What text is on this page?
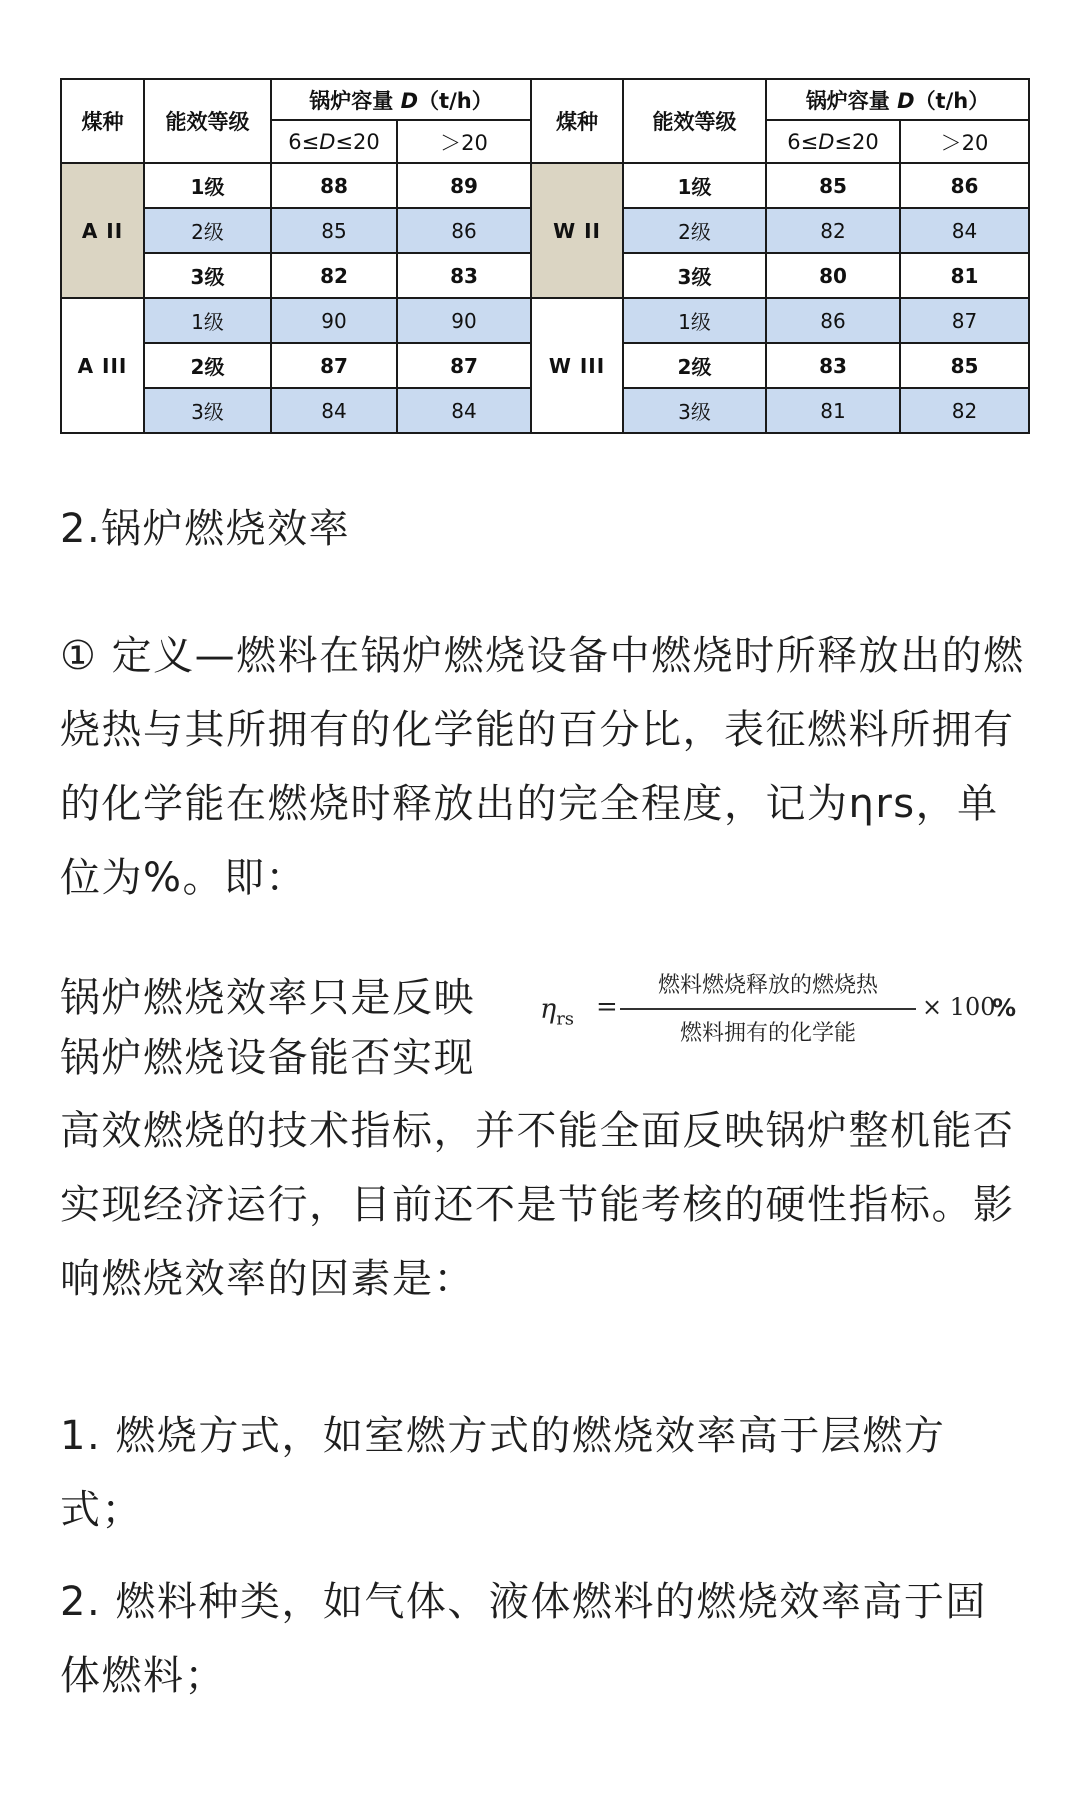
煤种	能效等级	锅炉容量 D（t/h）		煤种	能效等级	锅炉容量 D（t/h）	
		6≤D≤20	＞20			6≤D≤20	＞20
A II	1级	88	89	W II	1级	85	86
	2级	85	86		2级	82	84
	3级	82	83		3级	80	81
A III	1级	90	90	W III	1级	86	87
	2级	87	87		2级	83	85
	3级	84	84		3级	81	82

2.锅炉燃烧效率

① 定义—燃料在锅炉燃烧设备中燃烧时所释放出的燃烧热与其所拥有的化学能的百分比，表征燃料所拥有的化学能在燃烧时释放出的完全程度，记为ηrs，单位为%。即：

锅炉燃烧效率只是反映
锅炉燃烧设备能否实现

$\eta_{rs}$ =
燃料燃烧释放的燃烧热
燃料拥有的化学能
× 100
%

高效燃烧的技术指标，并不能全面反映锅炉整机能否实现经济运行，目前还不是节能考核的硬性指标。影响燃烧效率的因素是：

1. 燃烧方式，如室燃方式的燃烧效率高于层燃方式；

2. 燃料种类，如气体、液体燃料的燃烧效率高于固体燃料；
